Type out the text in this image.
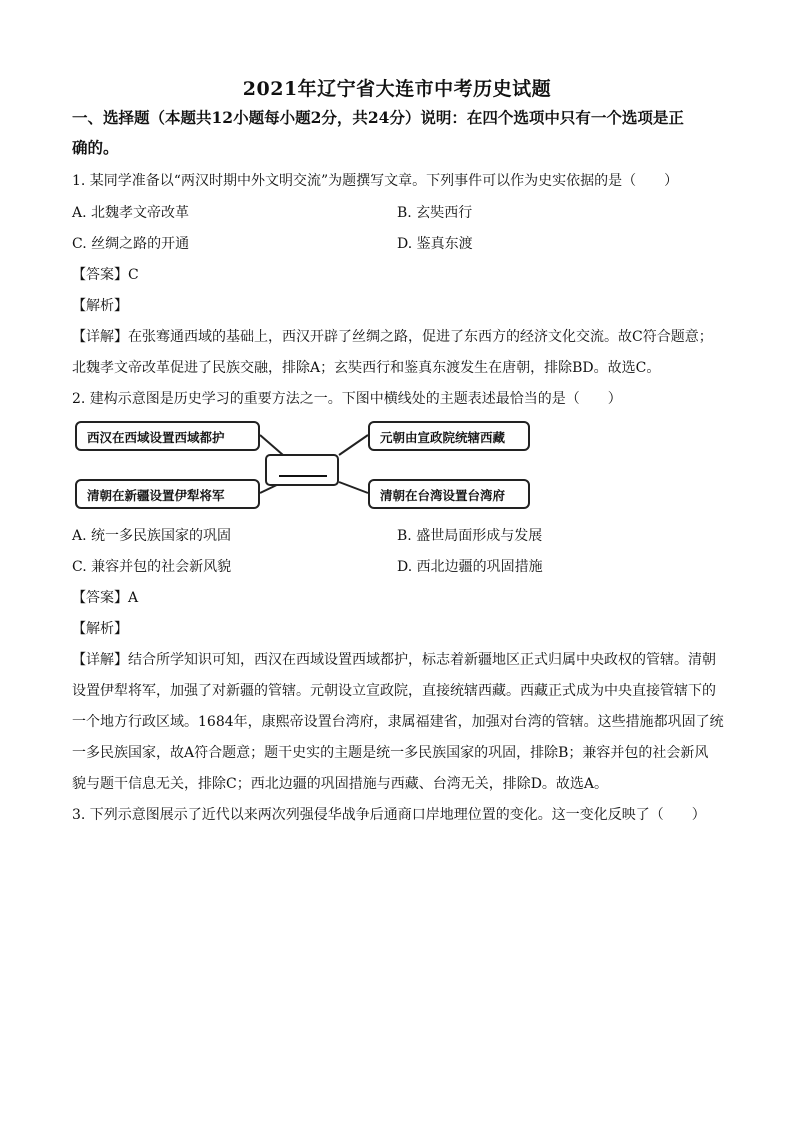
2021年辽宁省大连市中考历史试题
一、选择题（本题共12小题每小题2分，共24分）说明：在四个选项中只有一个选项是正
确的。
1. 某同学准备以“两汉时期中外文明交流”为题撰写文章。下列事件可以作为史实依据的是（　　）
A. 北魏孝文帝改革	B. 玄奘西行
C. 丝绸之路的开通	D. 鉴真东渡
【答案】C
【解析】
【详解】在张骞通西域的基础上，西汉开辟了丝绸之路，促进了东西方的经济文化交流。故C符合题意；
北魏孝文帝改革促进了民族交融，排除A；玄奘西行和鉴真东渡发生在唐朝，排除BD。故选C。
2. 建构示意图是历史学习的重要方法之一。下图中横线处的主题表述最恰当的是（　　）
西汉在西域设置西域都护
清朝在新疆设置伊犁将军
元朝由宣政院统辖西藏
清朝在台湾设置台湾府
A. 统一多民族国家的巩固	B. 盛世局面形成与发展
C. 兼容并包的社会新风貌	D. 西北边疆的巩固措施
【答案】A
【解析】
【详解】结合所学知识可知，西汉在西域设置西域都护，标志着新疆地区正式归属中央政权的管辖。清朝
设置伊犁将军，加强了对新疆的管辖。元朝设立宣政院，直接统辖西藏。西藏正式成为中央直接管辖下的
一个地方行政区域。1684年，康熙帝设置台湾府，隶属福建省，加强对台湾的管辖。这些措施都巩固了统
一多民族国家，故A符合题意；题干史实的主题是统一多民族国家的巩固，排除B；兼容并包的社会新风
貌与题干信息无关，排除C；西北边疆的巩固措施与西藏、台湾无关，排除D。故选A。
3. 下列示意图展示了近代以来两次列强侵华战争后通商口岸地理位置的变化。这一变化反映了（　　）
